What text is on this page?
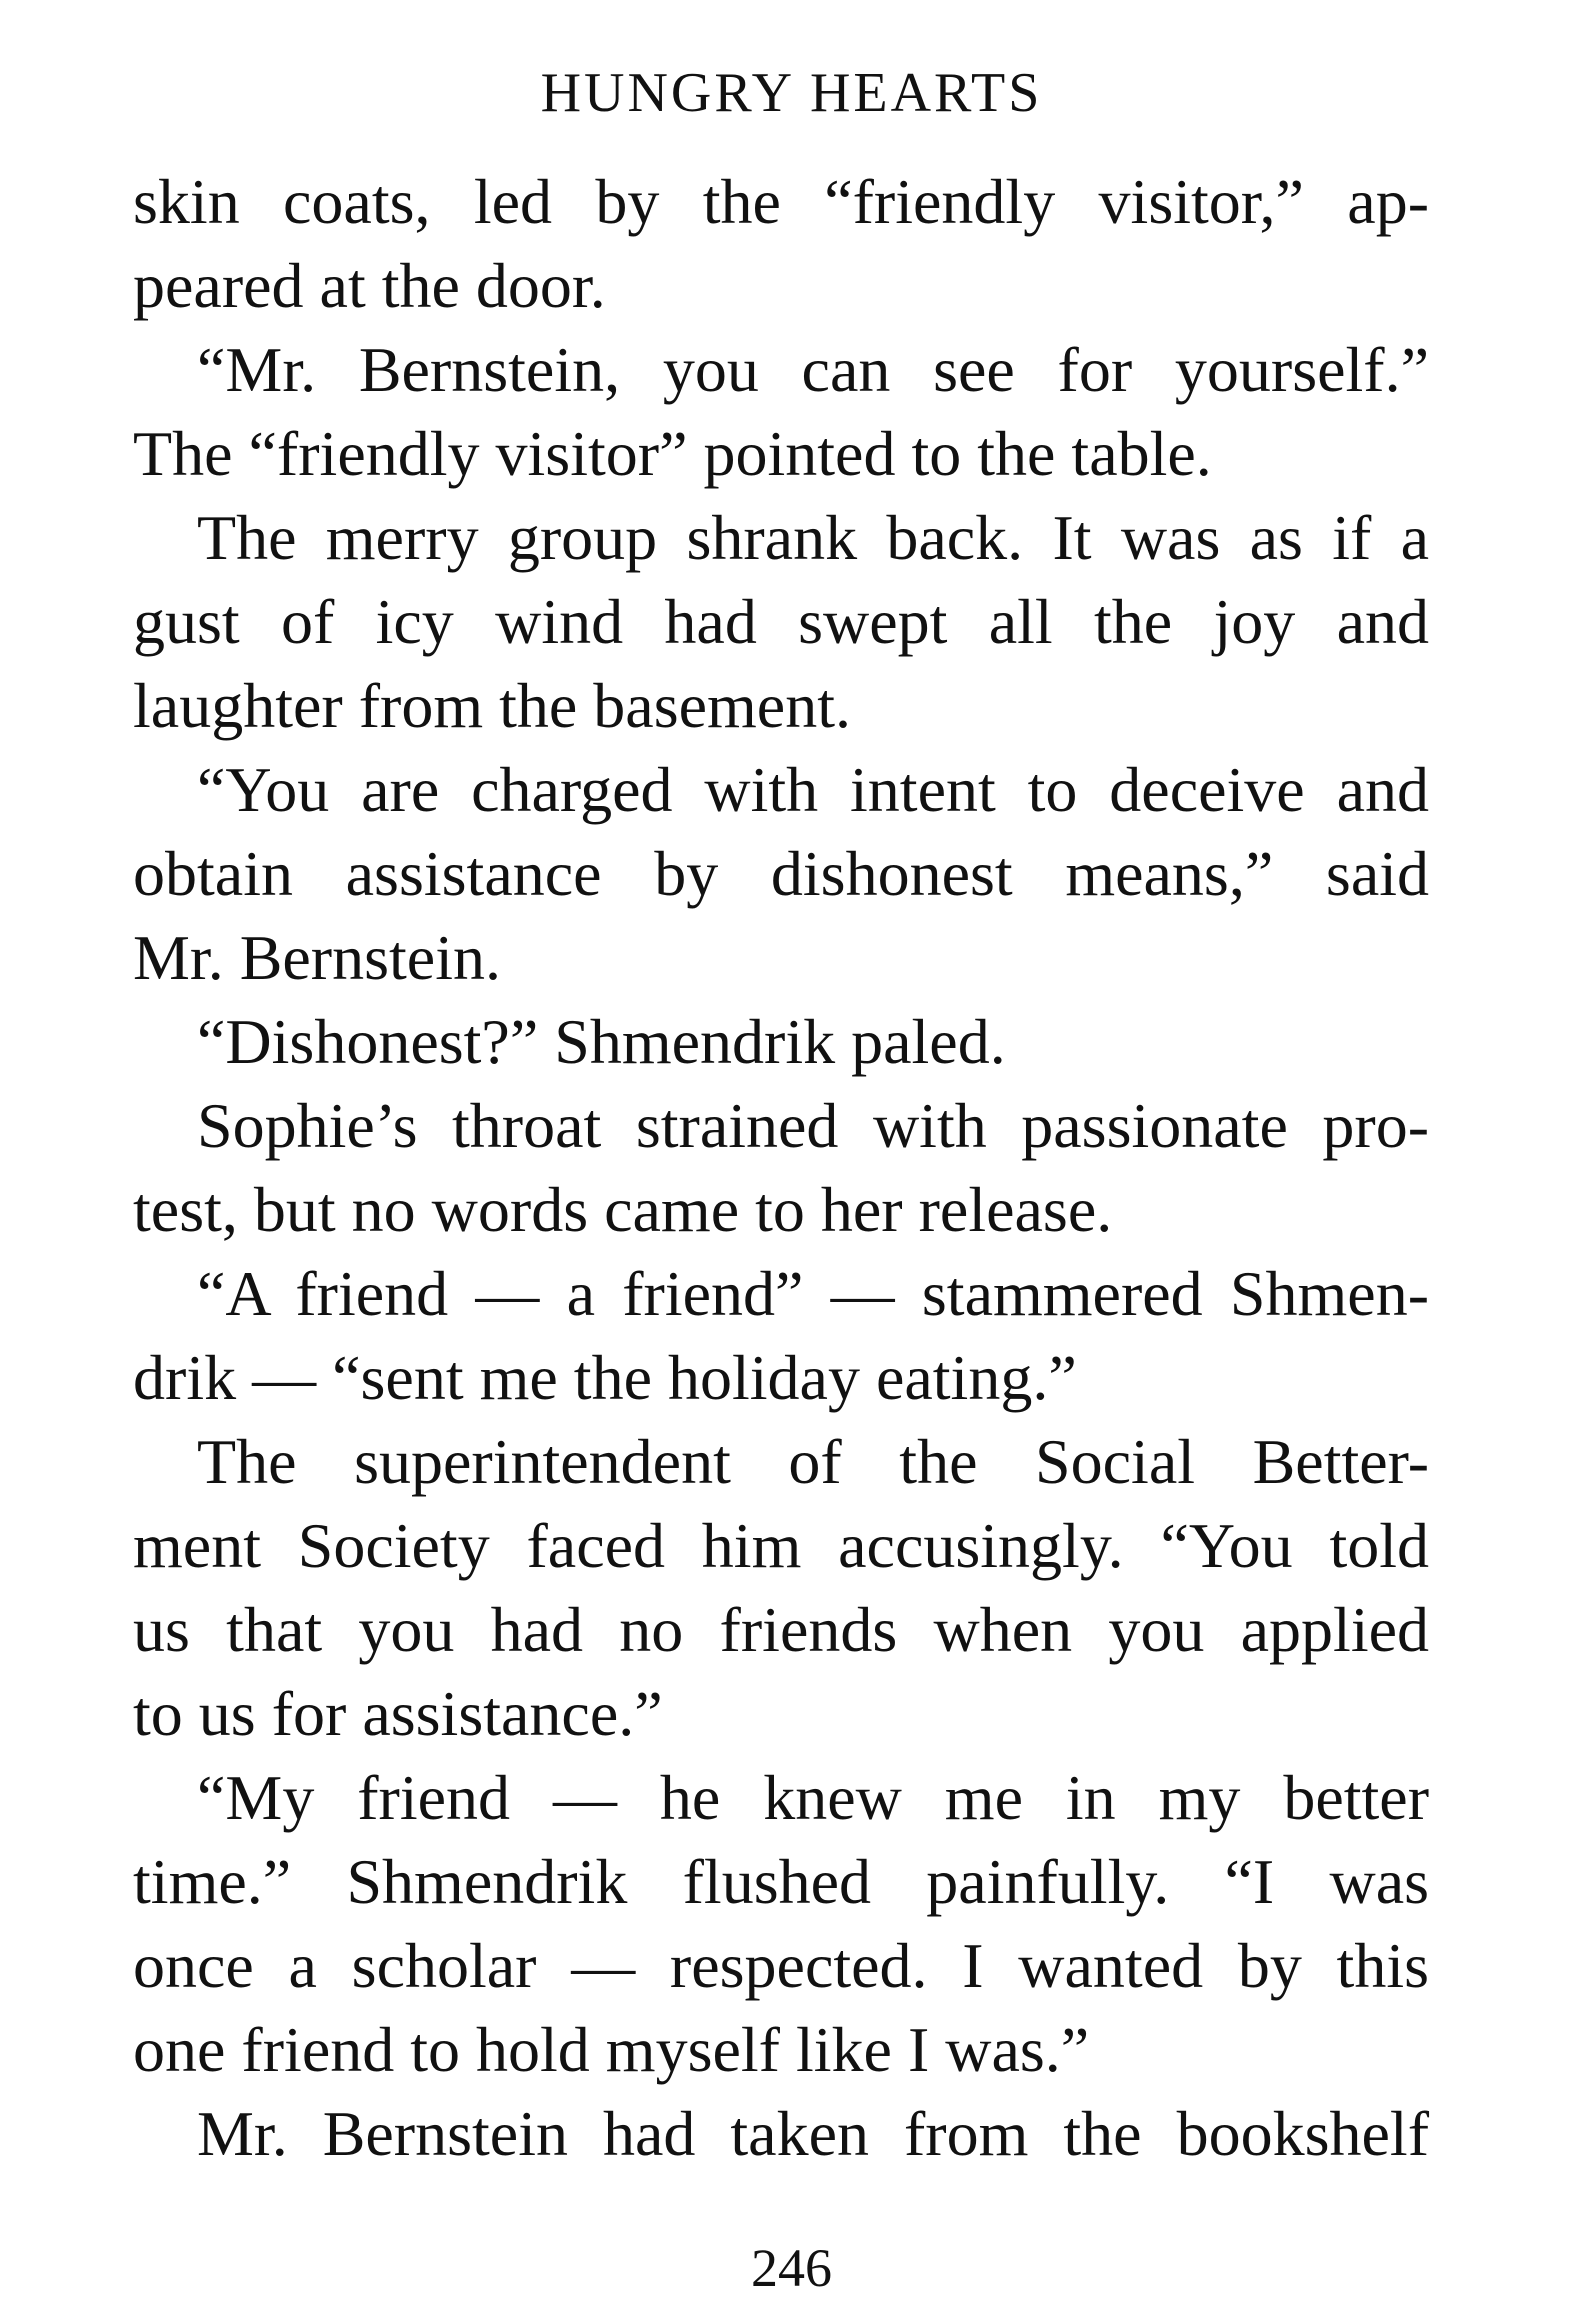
HUNGRY HEARTS
skin coats, led by the “friendly visitor,” ap-
peared at the door.
“Mr. Bernstein, you can see for yourself.”
The “friendly visitor” pointed to the table.
The merry group shrank back. It was as if a
gust of icy wind had swept all the joy and
laughter from the basement.
“You are charged with intent to deceive and
obtain assistance by dishonest means,” said
Mr. Bernstein.
“Dishonest?” Shmendrik paled.
Sophie’s throat strained with passionate pro-
test, but no words came to her release.
“A friend — a friend” — stammered Shmen-
drik — “sent me the holiday eating.”
The superintendent of the Social Better-
ment Society faced him accusingly. “You told
us that you had no friends when you applied
to us for assistance.”
“My friend — he knew me in my better
time.” Shmendrik flushed painfully. “I was
once a scholar — respected. I wanted by this
one friend to hold myself like I was.”
Mr. Bernstein had taken from the bookshelf
246
